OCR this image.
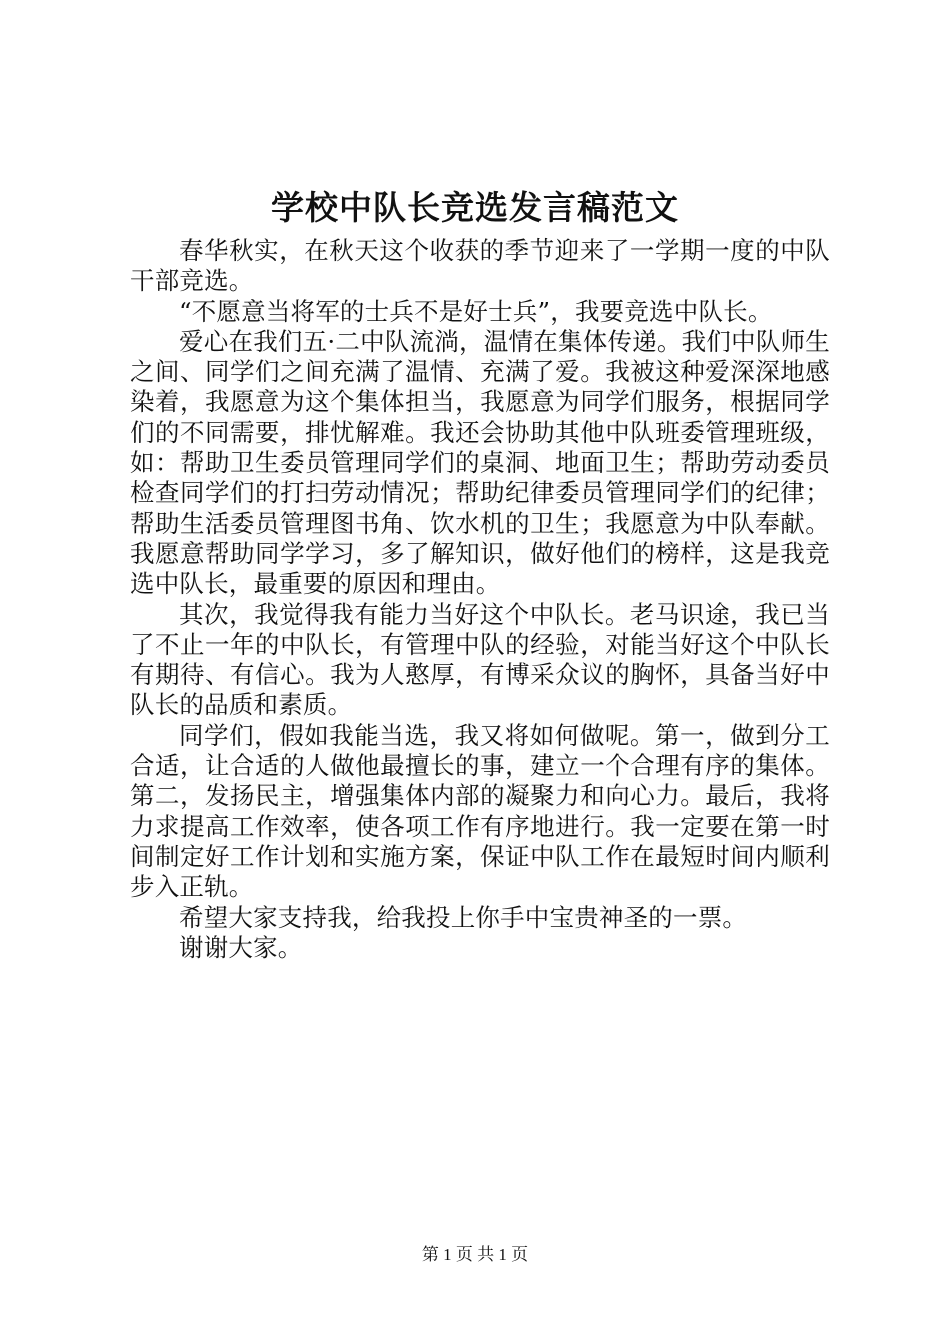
学校中队长竞选发言稿范文

春华秋实，在秋天这个收获的季节迎来了一学期一度的中队干部竞选。

“不愿意当将军的士兵不是好士兵”，我要竞选中队长。

爱心在我们五·二中队流淌，温情在集体传递。我们中队师生之间、同学们之间充满了温情、充满了爱。我被这种爱深深地感染着，我愿意为这个集体担当，我愿意为同学们服务，根据同学们的不同需要，排忧解难。我还会协助其他中队班委管理班级，如：帮助卫生委员管理同学们的桌洞、地面卫生；帮助劳动委员检查同学们的打扫劳动情况；帮助纪律委员管理同学们的纪律；帮助生活委员管理图书角、饮水机的卫生；我愿意为中队奉献。我愿意帮助同学学习，多了解知识，做好他们的榜样，这是我竞选中队长，最重要的原因和理由。

其次，我觉得我有能力当好这个中队长。老马识途，我已当了不止一年的中队长，有管理中队的经验，对能当好这个中队长有期待、有信心。我为人憨厚，有博采众议的胸怀，具备当好中队长的品质和素质。

同学们，假如我能当选，我又将如何做呢。第一，做到分工合适，让合适的人做他最擅长的事，建立一个合理有序的集体。第二，发扬民主，增强集体内部的凝聚力和向心力。最后，我将力求提高工作效率，使各项工作有序地进行。我一定要在第一时间制定好工作计划和实施方案，保证中队工作在最短时间内顺利步入正轨。

希望大家支持我，给我投上你手中宝贵神圣的一票。

谢谢大家。

第 1 页 共 1 页
